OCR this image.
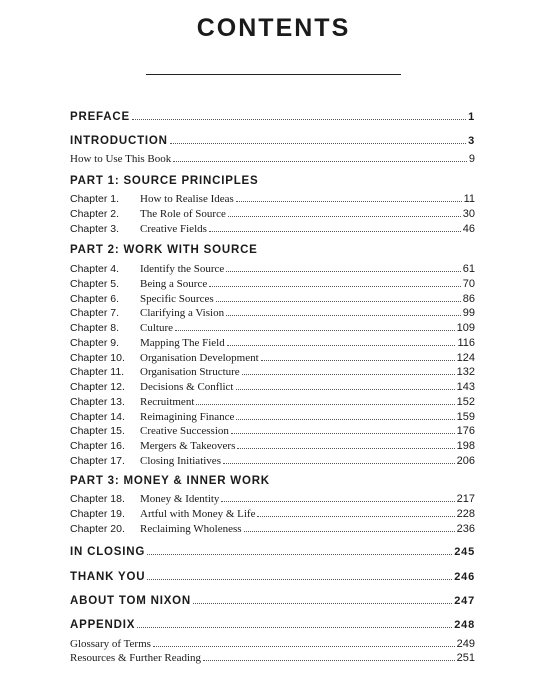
CONTENTS
PREFACE	1
INTRODUCTION	3
How to Use This Book	9
PART 1: SOURCE PRINCIPLES
Chapter 1.	How to Realise Ideas	11
Chapter 2.	The Role of Source	30
Chapter 3.	Creative Fields	46
PART 2: WORK WITH SOURCE
Chapter 4.	Identify the Source	61
Chapter 5.	Being a Source	70
Chapter 6.	Specific Sources	86
Chapter 7.	Clarifying a Vision	99
Chapter 8.	Culture	109
Chapter 9.	Mapping The Field	116
Chapter 10.	Organisation Development	124
Chapter 11.	Organisation Structure	132
Chapter 12.	Decisions & Conflict	143
Chapter 13.	Recruitment	152
Chapter 14.	Reimagining Finance	159
Chapter 15.	Creative Succession	176
Chapter 16.	Mergers & Takeovers	198
Chapter 17.	Closing Initiatives	206
PART 3: MONEY & INNER WORK
Chapter 18.	Money & Identity	217
Chapter 19.	Artful with Money & Life	228
Chapter 20.	Reclaiming Wholeness	236
IN CLOSING	245
THANK YOU	246
ABOUT TOM NIXON	247
APPENDIX	248
Glossary of Terms	249
Resources & Further Reading	251
